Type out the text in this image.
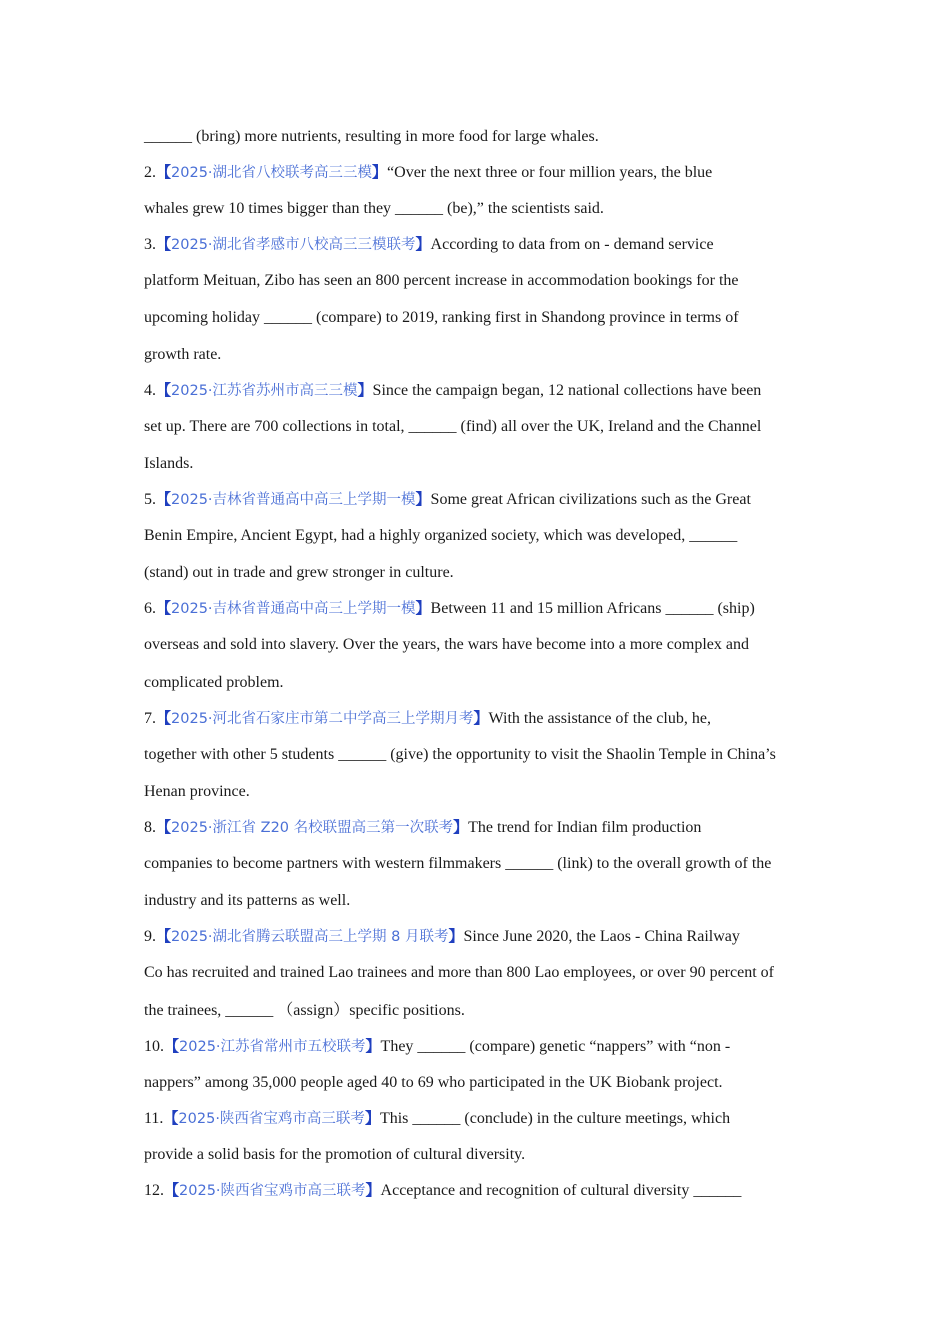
______ (bring) more nutrients, resulting in more food for large whales.
2.【2025·湖北省八校联考高三三模】“Over the next three or four million years, the blue
whales grew 10 times bigger than they ______ (be),” the scientists said.
3.【2025·湖北省孝感市八校高三三模联考】According to data from on - demand service
platform Meituan, Zibo has seen an 800 percent increase in accommodation bookings for the
upcoming holiday ______ (compare) to 2019, ranking first in Shandong province in terms of
growth rate.
4.【2025·江苏省苏州市高三三模】Since the campaign began, 12 national collections have been
set up. There are 700 collections in total, ______ (find) all over the UK, Ireland and the Channel
Islands.
5.【2025·吉林省普通高中高三上学期一模】Some great African civilizations such as the Great
Benin Empire, Ancient Egypt, had a highly organized society, which was developed, ______
(stand) out in trade and grew stronger in culture.
6.【2025·吉林省普通高中高三上学期一模】Between 11 and 15 million Africans ______ (ship)
overseas and sold into slavery. Over the years, the wars have become into a more complex and
complicated problem.
7.【2025·河北省石家庄市第二中学高三上学期月考】With the assistance of the club, he,
together with other 5 students ______ (give) the opportunity to visit the Shaolin Temple in China’s
Henan province.
8.【2025·浙江省 Z20 名校联盟高三第一次联考】The trend for Indian film production
companies to become partners with western filmmakers ______ (link) to the overall growth of the
industry and its patterns as well.
9.【2025·湖北省腾云联盟高三上学期 8 月联考】Since June 2020, the Laos - China Railway
Co has recruited and trained Lao trainees and more than 800 Lao employees, or over 90 percent of
the trainees, ______ （assign）specific positions.
10.【2025·江苏省常州市五校联考】They ______ (compare) genetic “nappers” with “non -
nappers” among 35,000 people aged 40 to 69 who participated in the UK Biobank project.
11.【2025·陕西省宝鸡市高三联考】This ______ (conclude) in the culture meetings, which
provide a solid basis for the promotion of cultural diversity.
12.【2025·陕西省宝鸡市高三联考】Acceptance and recognition of cultural diversity ______
